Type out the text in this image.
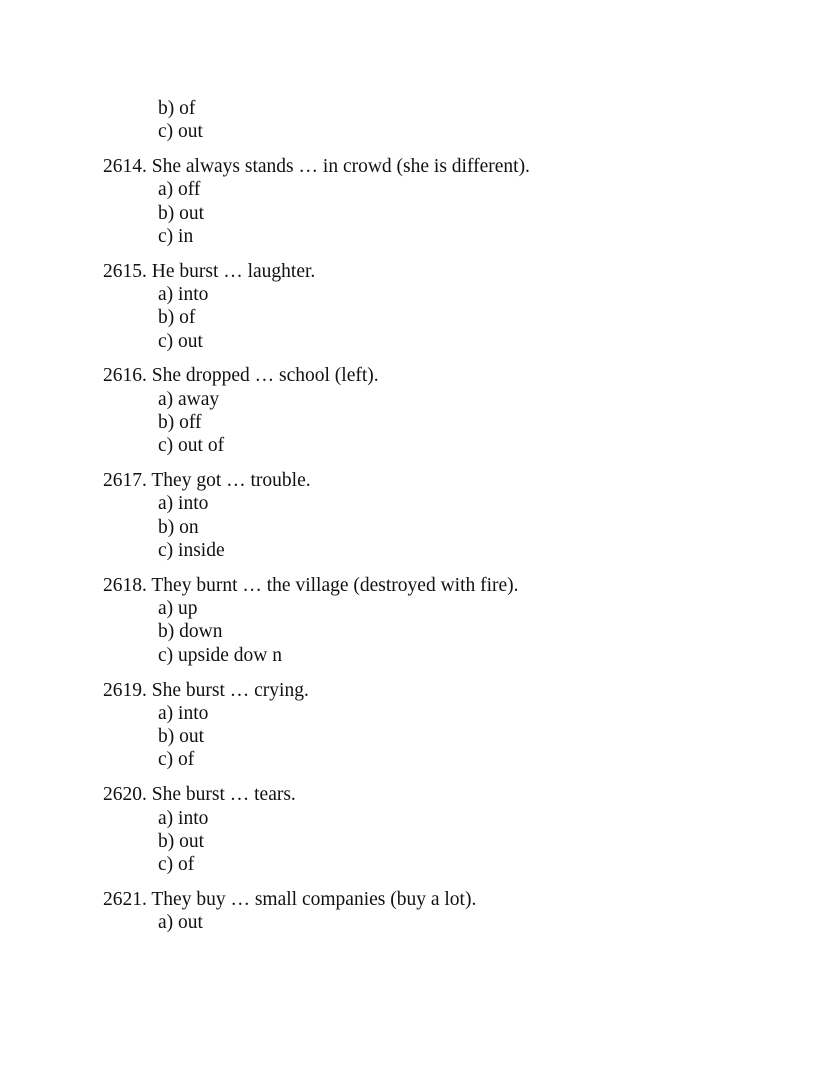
b) of
c) out
2614. She always stands … in crowd (she is different).
a) off
b) out
c) in
2615. He burst … laughter.
a) into
b) of
c) out
2616. She dropped … school (left).
a) away
b) off
c) out of
2617. They got … trouble.
a) into
b) on
c) inside
2618. They burnt … the village (destroyed with fire).
a) up
b) down
c) upside dow n
2619. She burst … crying.
a) into
b) out
c) of
2620. She burst … tears.
a) into
b) out
c) of
2621. They buy … small companies (buy a lot).
a) out
